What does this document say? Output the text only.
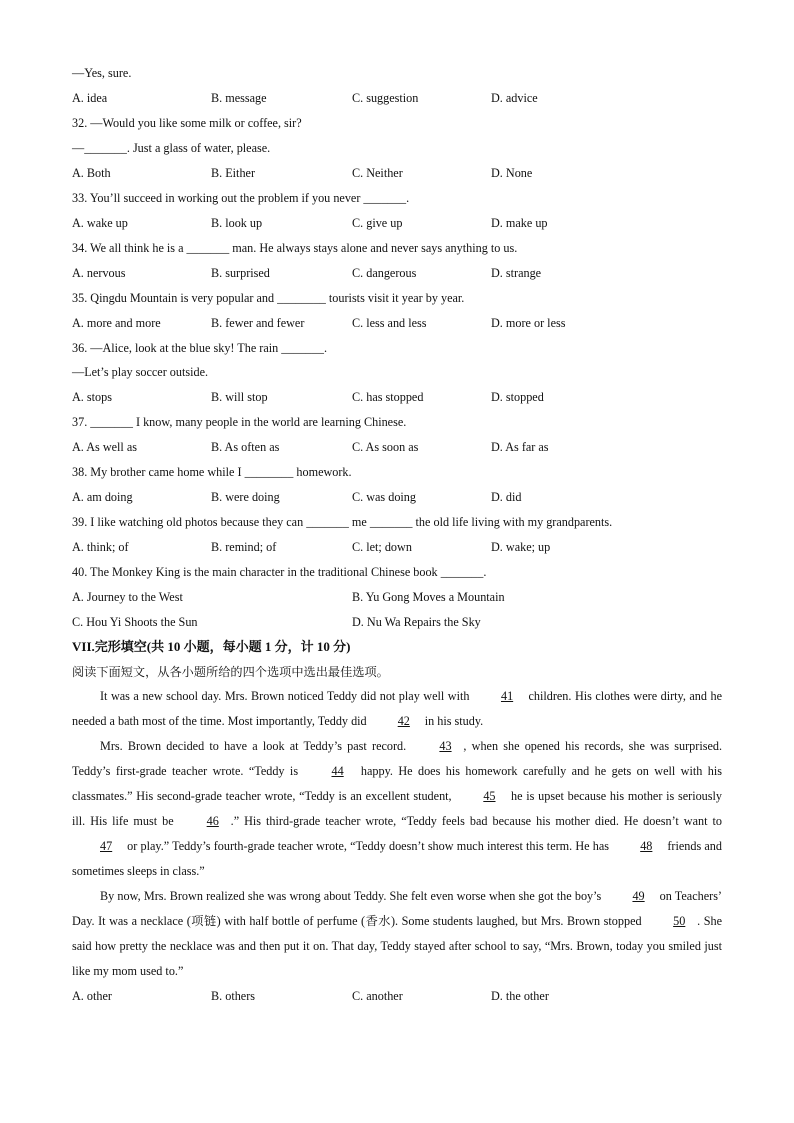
—Yes, sure.
A. idea	B. message	C. suggestion	D. advice
32. —Would you like some milk or coffee, sir?
—_______. Just a glass of water, please.
A. Both	B. Either	C. Neither	D. None
33. You’ll succeed in working out the problem if you never _______.
A. wake up	B. look up	C. give up	D. make up
34. We all think he is a _______ man. He always stays alone and never says anything to us.
A. nervous	B. surprised	C. dangerous	D. strange
35. Qingdu Mountain is very popular and ________ tourists visit it year by year.
A. more and more	B. fewer and fewer	C. less and less	D. more or less
36. —Alice, look at the blue sky! The rain _______.
—Let’s play soccer outside.
A. stops	B. will stop	C. has stopped	D. stopped
37. _______ I know, many people in the world are learning Chinese.
A. As well as	B. As often as	C. As soon as	D. As far as
38. My brother came home while I ________ homework.
A. am doing	B. were doing	C. was doing	D. did
39. I like watching old photos because they can _______ me _______ the old life living with my grandparents.
A. think; of	B. remind; of	C. let; down	D. wake; up
40. The Monkey King is the main character in the traditional Chinese book _______.
A. Journey to the West	B. Yu Gong Moves a Mountain
C. Hou Yi Shoots the Sun	D. Nu Wa Repairs the Sky
VII.完形填空(共 10 小题，每小题 1 分，计 10 分)
阅读下面短文，从各小题所给的四个选项中选出最佳选项。

It was a new school day. Mrs. Brown noticed Teddy did not play well with 41 children. His clothes were dirty, and he needed a bath most of the time. Most importantly, Teddy did 42 in his study.

Mrs. Brown decided to have a look at Teddy’s past record. 43 , when she opened his records, she was surprised. Teddy’s first-grade teacher wrote. “Teddy is 44 happy. He does his homework carefully and he gets on well with his classmates.” His second-grade teacher wrote, “Teddy is an excellent student, 45 he is upset because his mother is seriously ill. His life must be 46 .” His third-grade teacher wrote, “Teddy feels bad because his mother died. He doesn’t want to 47 or play.” Teddy’s fourth-grade teacher wrote, “Teddy doesn’t show much interest this term. He has 48 friends and sometimes sleeps in class.”

By now, Mrs. Brown realized she was wrong about Teddy. She felt even worse when she got the boy’s 49 on Teachers’ Day. It was a necklace (项链) with half bottle of perfume (香水). Some students laughed, but Mrs. Brown stopped 50 . She said how pretty the necklace was and then put it on. That day, Teddy stayed after school to say, “Mrs. Brown, today you smiled just like my mom used to.”

A. other	B. others	C. another	D. the other
